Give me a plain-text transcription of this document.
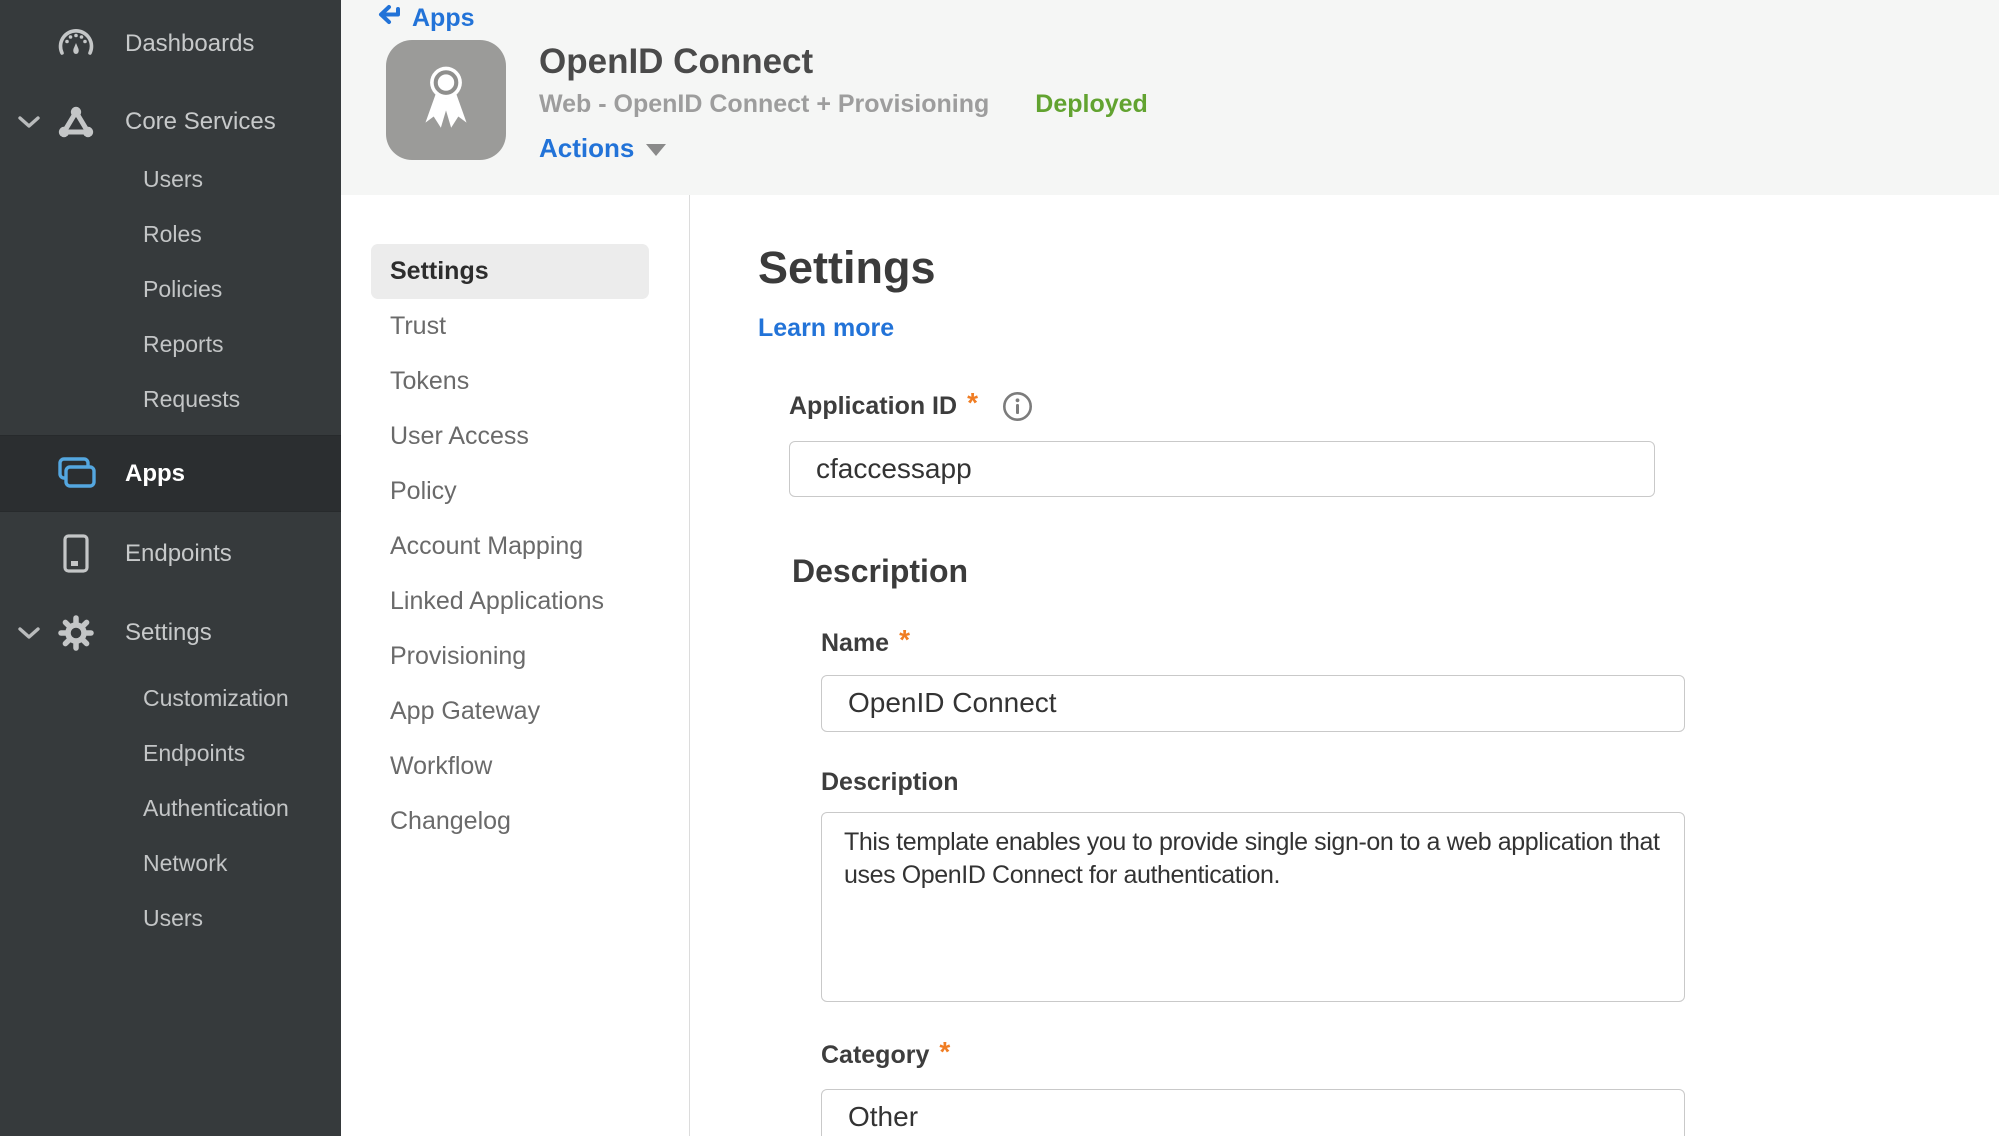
Dashboards
Core Services
Users
Roles
Policies
Reports
Requests
Apps
Endpoints
Settings
Customization
Endpoints
Authentication
Network
Users
Apps
OpenID Connect
Web - OpenID Connect + Provisioning Deployed
Actions
Settings
Trust
Tokens
User Access
Policy
Account Mapping
Linked Applications
Provisioning
App Gateway
Workflow
Changelog
Settings
Learn more
Application ID *
cfaccessapp
Description
Name *
OpenID Connect
Description
This template enables you to provide single sign-on to a web application that uses OpenID Connect for authentication.
Category *
Other
